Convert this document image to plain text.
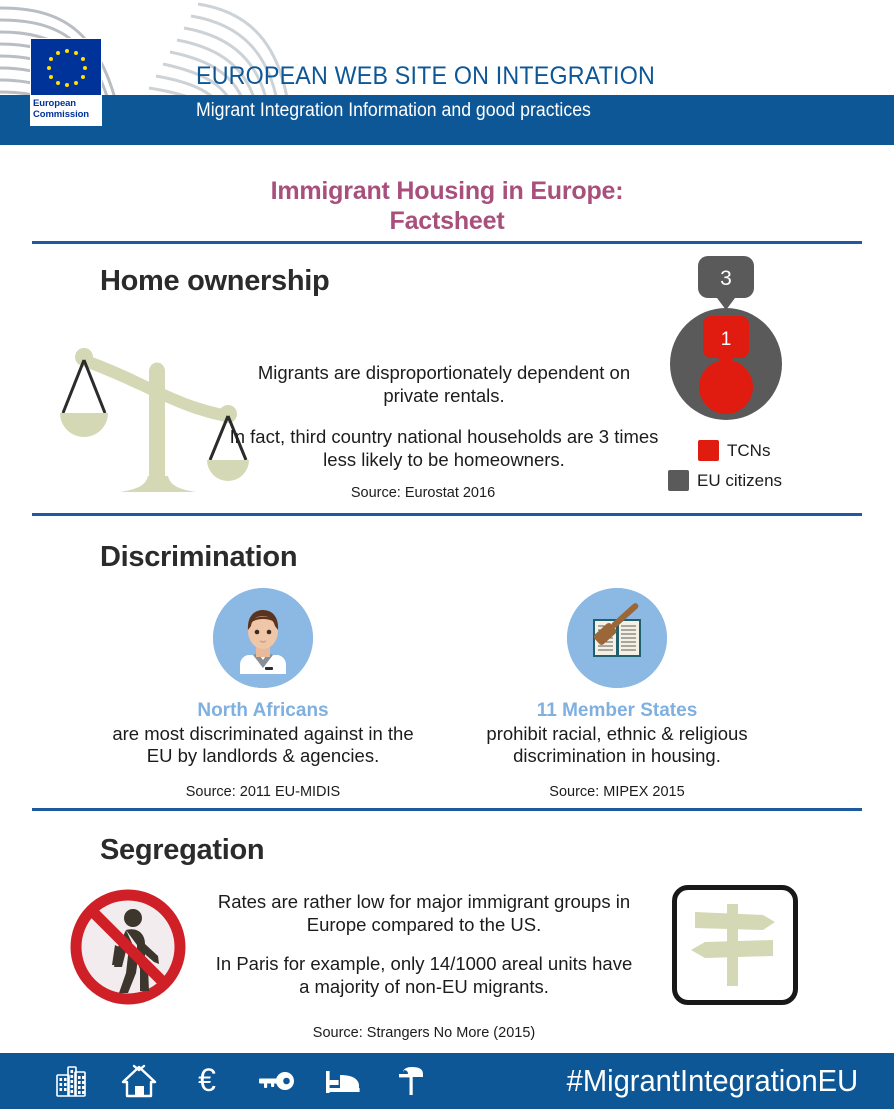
European
Commission
EUROPEAN WEB SITE ON INTEGRATION
Migrant Integration Information and good practices
Immigrant Housing in Europe:
Factsheet
Home ownership
Migrants are disproportionately dependent on private rentals.
In fact, third country national households are 3 times less likely to be homeowners.
Source: Eurostat 2016
3
1
TCNs
EU citizens
Discrimination
North Africans
are most discriminated against in the EU by landlords & agencies.
Source: 2011 EU-MIDIS
11 Member States
prohibit racial, ethnic & religious discrimination in housing.
Source: MIPEX 2015
Segregation
Rates are rather low for major immigrant groups in Europe compared to the US.
In Paris for example, only 14/1000 areal units have a majority of non-EU migrants.
Source: Strangers No More (2015)
€	#MigrantIntegrationEU
